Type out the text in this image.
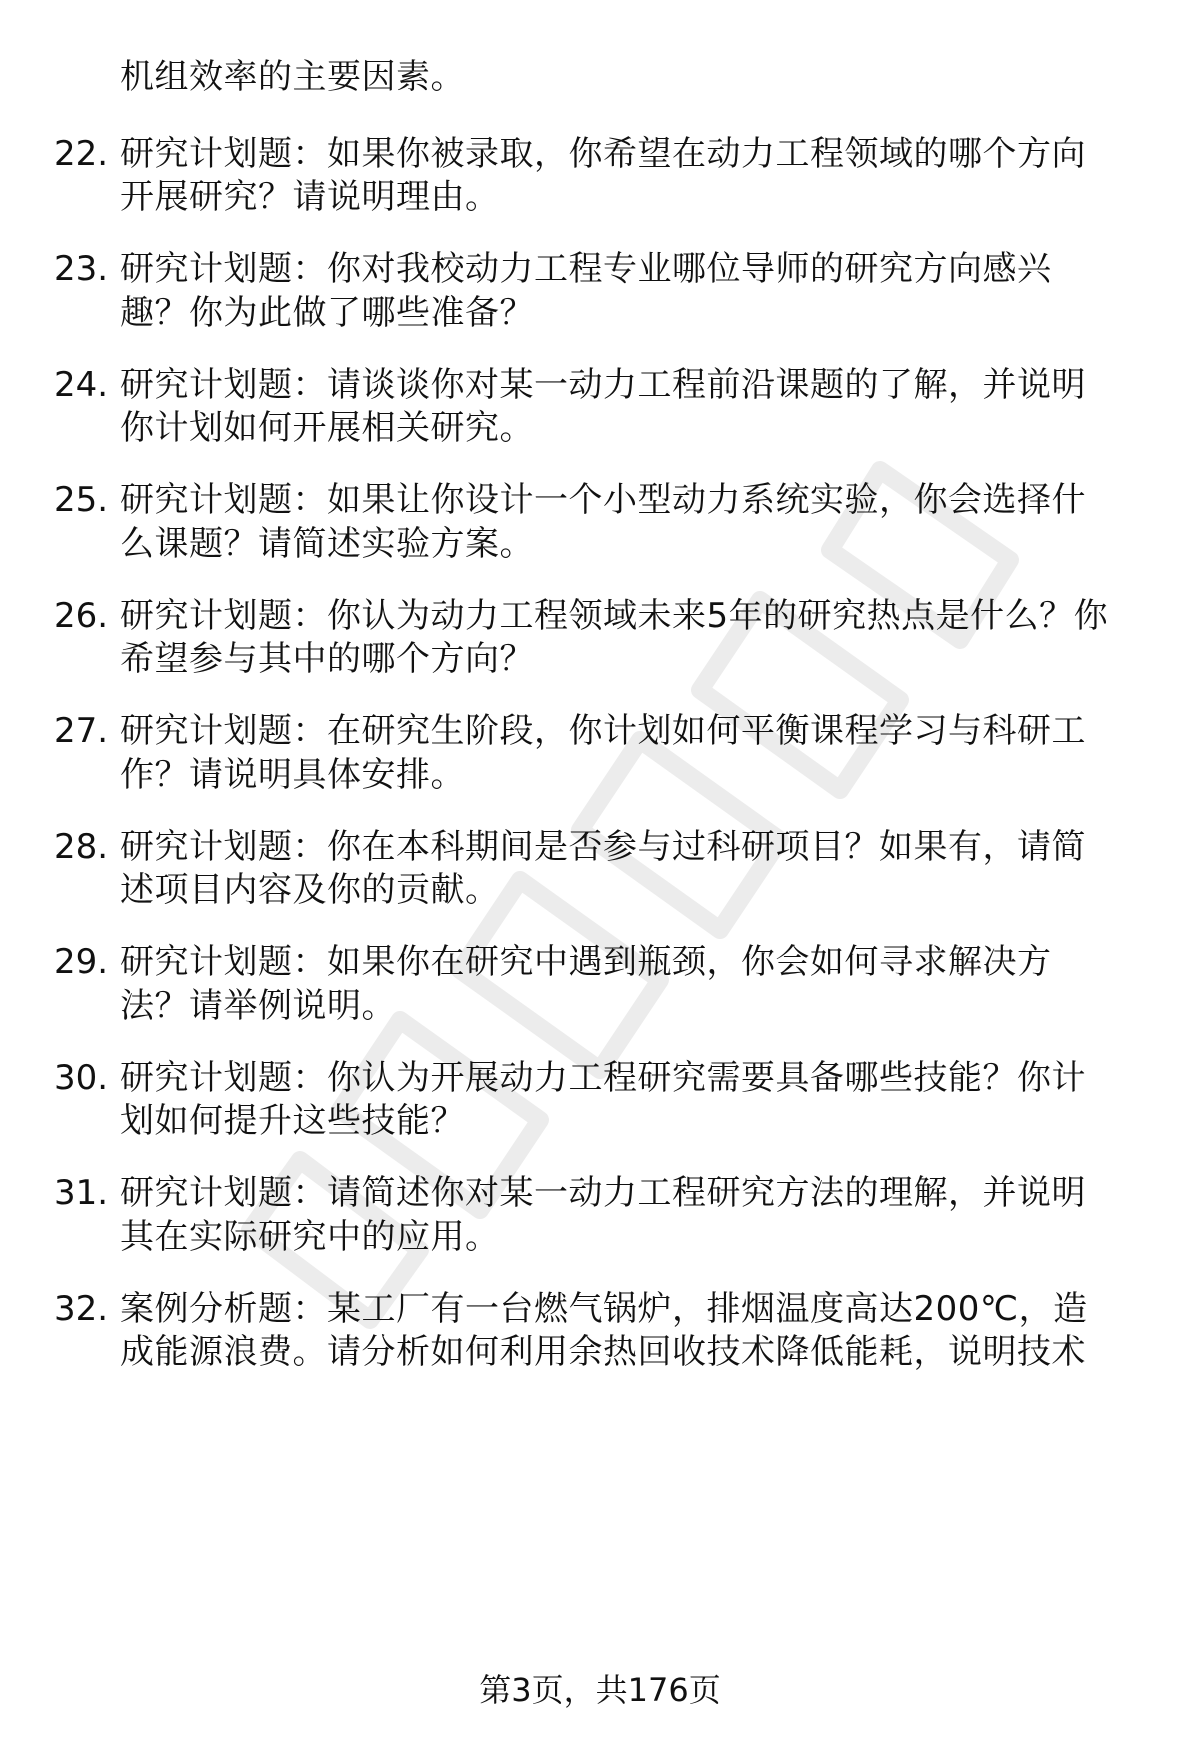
机组效率的主要因素。
22. 研究计划题：如果你被录取，你希望在动力工程领域的哪个方向
开展研究？请说明理由。
23. 研究计划题：你对我校动力工程专业哪位导师的研究方向感兴
趣？你为此做了哪些准备？
24. 研究计划题：请谈谈你对某一动力工程前沿课题的了解，并说明
你计划如何开展相关研究。
25. 研究计划题：如果让你设计一个小型动力系统实验，你会选择什
么课题？请简述实验方案。
26. 研究计划题：你认为动力工程领域未来5年的研究热点是什么？你
希望参与其中的哪个方向？
27. 研究计划题：在研究生阶段，你计划如何平衡课程学习与科研工
作？请说明具体安排。
28. 研究计划题：你在本科期间是否参与过科研项目？如果有，请简
述项目内容及你的贡献。
29. 研究计划题：如果你在研究中遇到瓶颈，你会如何寻求解决方
法？请举例说明。
30. 研究计划题：你认为开展动力工程研究需要具备哪些技能？你计
划如何提升这些技能？
31. 研究计划题：请简述你对某一动力工程研究方法的理解，并说明
其在实际研究中的应用。
32. 案例分析题：某工厂有一台燃气锅炉，排烟温度高达200℃，造
成能源浪费。请分析如何利用余热回收技术降低能耗，说明技术
第3页，共176页
